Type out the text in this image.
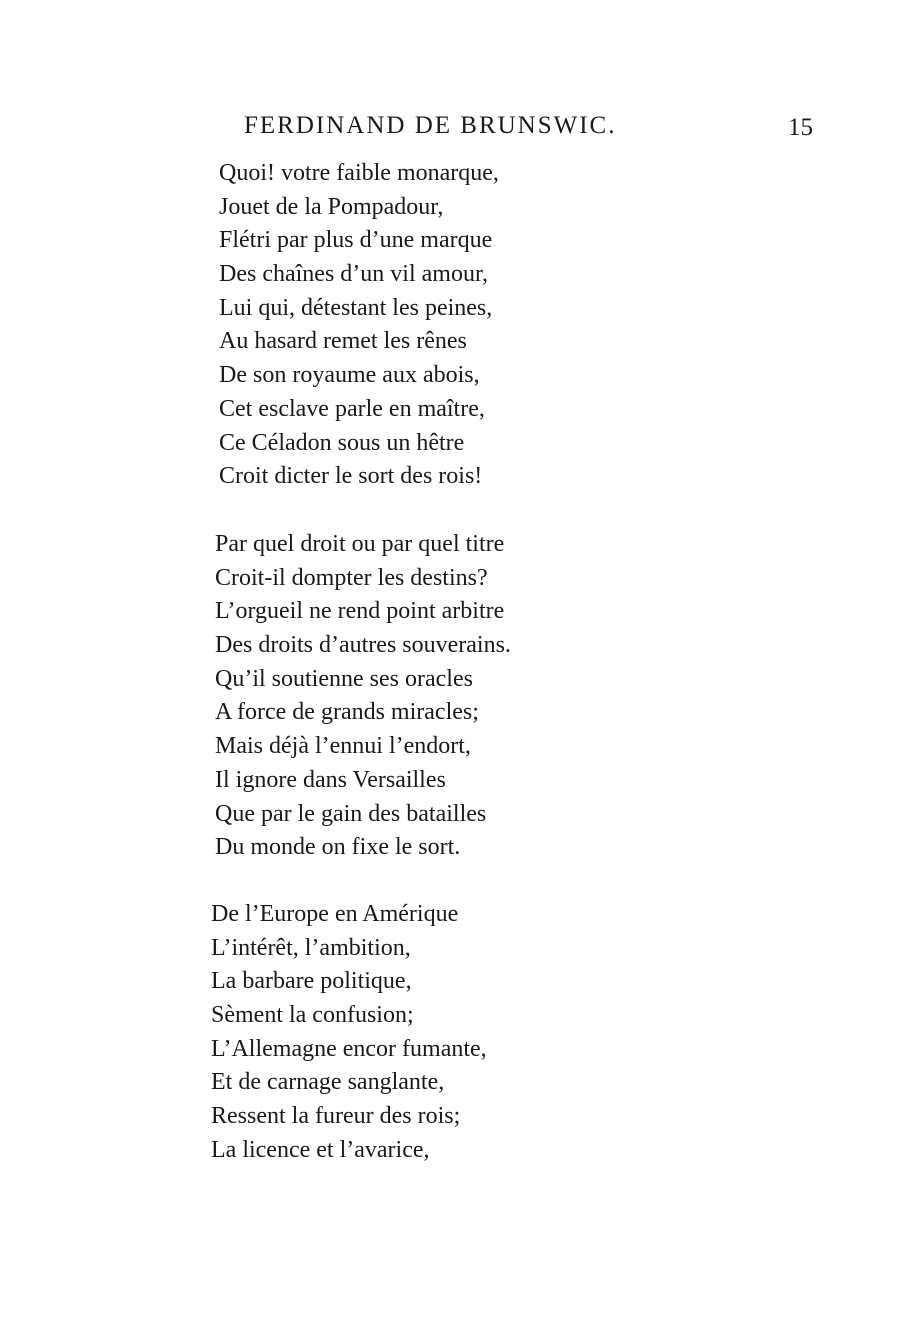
FERDINAND DE BRUNSWIC.	15
Quoi! votre faible monarque,
Jouet de la Pompadour,
Flétri par plus d’une marque
Des chaînes d’un vil amour,
Lui qui, détestant les peines,
Au hasard remet les rênes
De son royaume aux abois,
Cet esclave parle en maître,
Ce Céladon sous un hêtre
Croit dicter le sort des rois!
Par quel droit ou par quel titre
Croit-il dompter les destins?
L’orgueil ne rend point arbitre
Des droits d’autres souverains.
Qu’il soutienne ses oracles
A force de grands miracles;
Mais déjà l’ennui l’endort,
Il ignore dans Versailles
Que par le gain des batailles
Du monde on fixe le sort.
De l’Europe en Amérique
L’intérêt, l’ambition,
La barbare politique,
Sèment la confusion;
L’Allemagne encor fumante,
Et de carnage sanglante,
Ressent la fureur des rois;
La licence et l’avarice,
